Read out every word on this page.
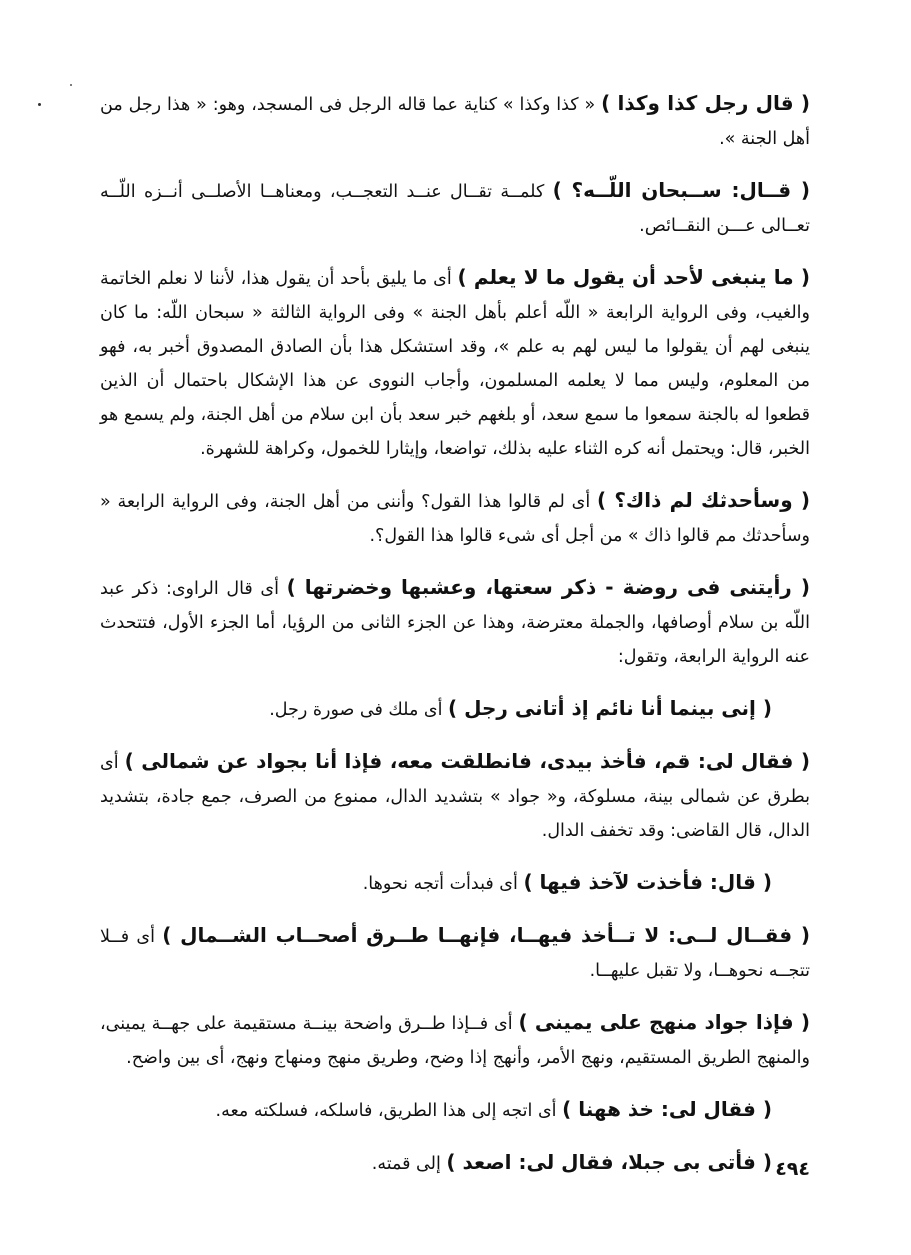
( قال رجل كذا وكذا ) « كذا وكذا » كناية عما قاله الرجل فى المسجد، وهو: « هذا رجل من أهل الجنة ».

( قــال: ســبحان اللّــه؟ ) كلمــة تقــال عنــد التعجــب، ومعناهــا الأصلــى أنــزه اللّــه تعــالى عـــن النقــائص.

( ما ينبغى لأحد أن يقول ما لا يعلم ) أى ما يليق بأحد أن يقول هذا، لأننا لا نعلم الخاتمة والغيب، وفى الرواية الرابعة « اللّه أعلم بأهل الجنة » وفى الرواية الثالثة « سبحان اللّه: ما كان ينبغى لهم أن يقولوا ما ليس لهم به علم »، وقد استشكل هذا بأن الصادق المصدوق أخبر به، فهو من المعلوم، وليس مما لا يعلمه المسلمون، وأجاب النووى عن هذا الإشكال باحتمال أن الذين قطعوا له بالجنة سمعوا ما سمع سعد، أو بلغهم خبر سعد بأن ابن سلام من أهل الجنة، ولم يسمع هو الخبر، قال: ويحتمل أنه كره الثناء عليه بذلك، تواضعا، وإيثارا للخمول، وكراهة للشهرة.

( وسأحدثك لم ذاك؟ ) أى لم قالوا هذا القول؟ وأننى من أهل الجنة، وفى الرواية الرابعة « وسأحدثك مم قالوا ذاك » من أجل أى شىء قالوا هذا القول؟.

( رأيتنى فى روضة - ذكر سعتها، وعشبها وخضرتها ) أى قال الراوى: ذكر عبد اللّه بن سلام أوصافها، والجملة معترضة، وهذا عن الجزء الثانى من الرؤيا، أما الجزء الأول، فتتحدث عنه الرواية الرابعة، وتقول:

( إنى بينما أنا نائم إذ أتانى رجل ) أى ملك فى صورة رجل.

( فقال لى: قم، فأخذ بيدى، فانطلقت معه، فإذا أنا بجواد عن شمالى ) أى بطرق عن شمالى بينة، مسلوكة، و« جواد » بتشديد الدال، ممنوع من الصرف، جمع جادة، بتشديد الدال، قال القاضى: وقد تخفف الدال.

( قال: فأخذت لآخذ فيها ) أى فبدأت أتجه نحوها.

( فقــال لــى: لا تــأخذ فيهــا، فإنهــا طــرق أصحــاب الشــمال ) أى فــلا تتجــه نحوهــا، ولا تقبل عليهــا.

( فإذا جواد منهج على يمينى ) أى فــإذا طــرق واضحة بينــة مستقيمة على جهــة يمينى، والمنهج الطريق المستقيم، ونهج الأمر، وأنهج إذا وضح، وطريق منهج ومنهاج ونهج، أى بين واضح.

( فقال لى: خذ ههنا ) أى اتجه إلى هذا الطريق، فاسلكه، فسلكته معه.

( فأتى بى جبلا، فقال لى: اصعد ) إلى قمته.	٤٩٤
